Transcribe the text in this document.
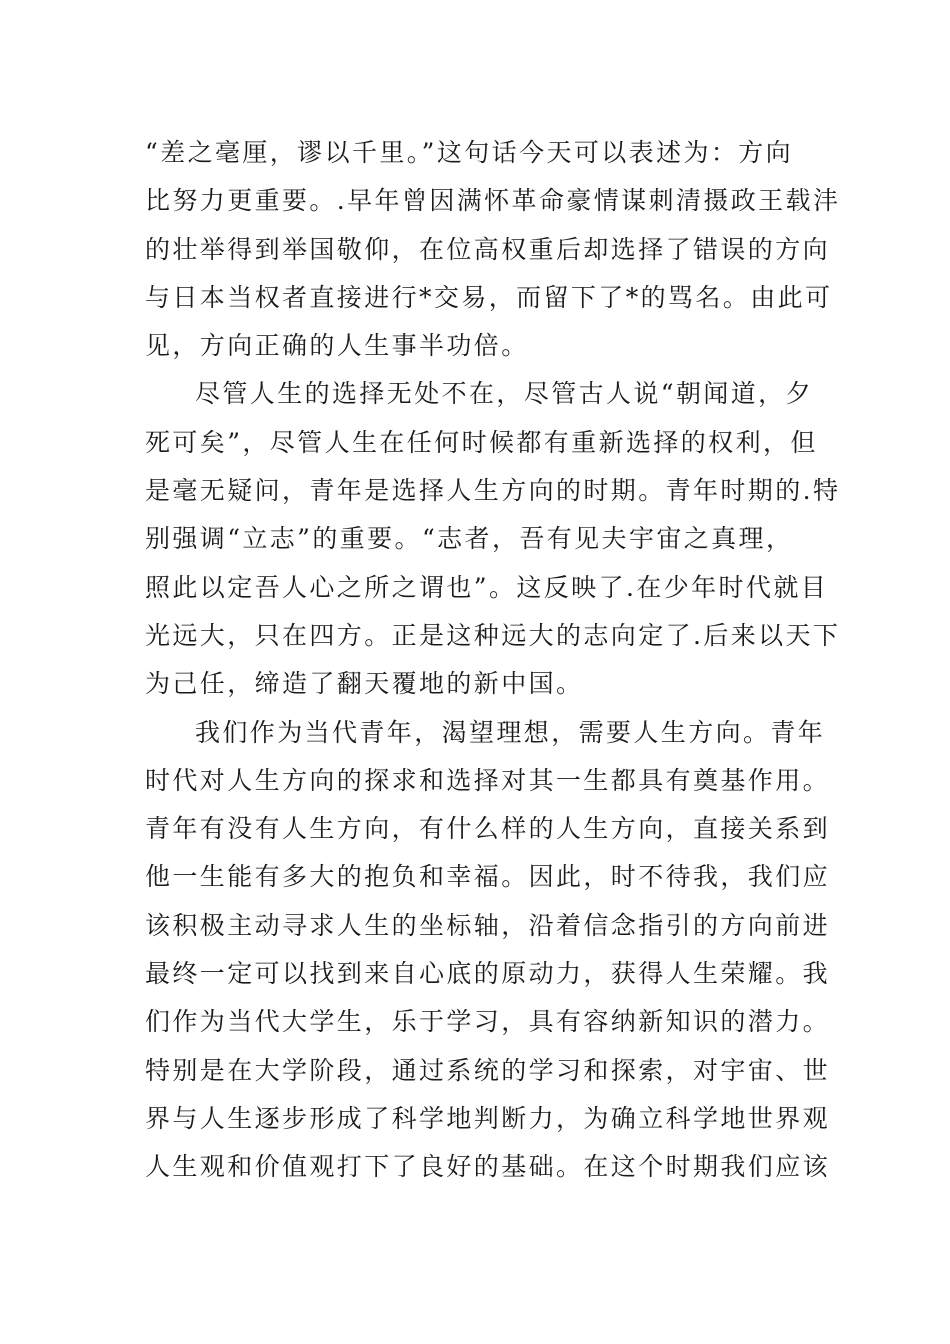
“差之毫厘，谬以千里。”这句话今天可以表述为：方向
比努力更重要。.早年曾因满怀革命豪情谋刺清摄政王载沣
的壮举得到举国敬仰，在位高权重后却选择了错误的方向
与日本当权者直接进行*交易，而留下了*的骂名。由此可
见，方向正确的人生事半功倍。
尽管人生的选择无处不在，尽管古人说“朝闻道，夕
死可矣”，尽管人生在任何时候都有重新选择的权利，但
是毫无疑问，青年是选择人生方向的时期。青年时期的.特
别强调“立志”的重要。“志者，吾有见夫宇宙之真理，
照此以定吾人心之所之谓也”。这反映了.在少年时代就目
光远大，只在四方。正是这种远大的志向定了.后来以天下
为己任，缔造了翻天覆地的新中国。
我们作为当代青年，渴望理想，需要人生方向。青年
时代对人生方向的探求和选择对其一生都具有奠基作用。
青年有没有人生方向，有什么样的人生方向，直接关系到
他一生能有多大的抱负和幸福。因此，时不待我，我们应
该积极主动寻求人生的坐标轴，沿着信念指引的方向前进
最终一定可以找到来自心底的原动力，获得人生荣耀。我
们作为当代大学生，乐于学习，具有容纳新知识的潜力。
特别是在大学阶段，通过系统的学习和探索，对宇宙、世
界与人生逐步形成了科学地判断力，为确立科学地世界观
人生观和价值观打下了良好的基础。在这个时期我们应该
